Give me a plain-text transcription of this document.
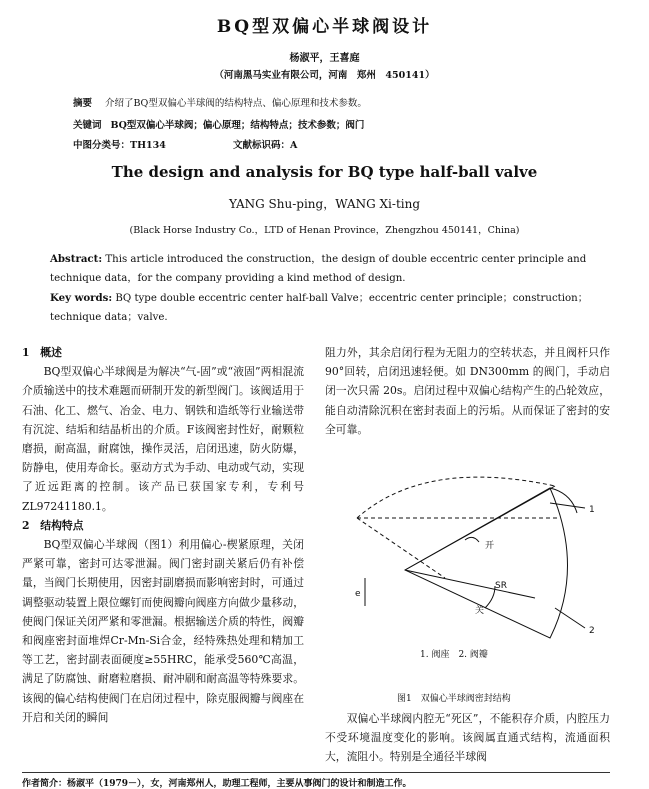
BQ型双偏心半球阀设计
杨淑平，王喜庭
（河南黑马实业有限公司，河南　郑州　450141）
摘要 介绍了BQ型双偏心半球阀的结构特点、偏心原理和技术参数。
关键词 BQ型双偏心半球阀；偏心原理；结构特点；技术参数；阀门
中图分类号：TH134	文献标识码：A
The design and analysis for BQ type half-ball valve
YANG Shu-ping，WANG Xi-ting
(Black Horse Industry Co.，LTD of Henan Province，Zhengzhou 450141，China)
Abstract: This article introduced the construction，the design of double eccentric center principle and technique data，for the company providing a kind method of design.
Key words: BQ type double eccentric center half-ball Valve；eccentric center principle；construction；technique data；valve.
1　概述

BQ型双偏心半球阀是为解决“气-固”或“液固”两相混流介质输送中的技术难题而研制开发的新型阀门。该阀适用于石油、化工、燃气、冶金、电力、钢铁和造纸等行业输送带有沉淀、结垢和结晶析出的介质。F该阀密封性好，耐颗粒磨损，耐高温，耐腐蚀，操作灵活，启闭迅速，防火防爆，防静电，使用寿命长。驱动方式为手动、电动或气动，实现了近远距离的控制。该产品已获国家专利，专利号 ZL97241180.1。

2　结构特点

BQ型双偏心半球阀（图1）利用偏心-楔紧原理，关闭严紧可靠，密封可达零泄漏。阀门密封副关紧后仍有补偿量，当阀门长期使用，因密封副磨损而影响密封时，可通过调整驱动装置上限位螺钉而使阀瓣向阀座方向做少量移动，使阀门保证关闭严紧和零泄漏。根据输送介质的特性，阀瓣和阀座密封面堆焊Cr-Mn-Si合金，经特殊热处理和精加工等工艺，密封副表面硬度≥55HRC，能承受560℃高温，满足了防腐蚀、耐磨粒磨损、耐冲刷和耐高温等特殊要求。该阀的偏心结构使阀门在启闭过程中，除克服阀瓣与阀座在开启和关闭的瞬间

阻力外，其余启闭行程为无阻力的空转状态，并且阀杆只作90°回转，启闭迅速轻便。如 DN300mm 的阀门，手动启闭一次只需 20s。启闭过程中双偏心结构产生的凸轮效应，能自动清除沉积在密封表面上的污垢。从而保证了密封的安全可靠。

开
关
SR
e
1
2
1. 阀座　2. 阀瓣
图1　双偏心半球阀密封结构

双偏心半球阀内腔无“死区”，不能积存介质，内腔压力不受环境温度变化的影响。该阀属直通式结构，流通面积大，流阻小。特别是全通径半球阀

作者简介：杨淑平（1979－），女，河南郑州人，助理工程师，主要从事阀门的设计和制造工作。
